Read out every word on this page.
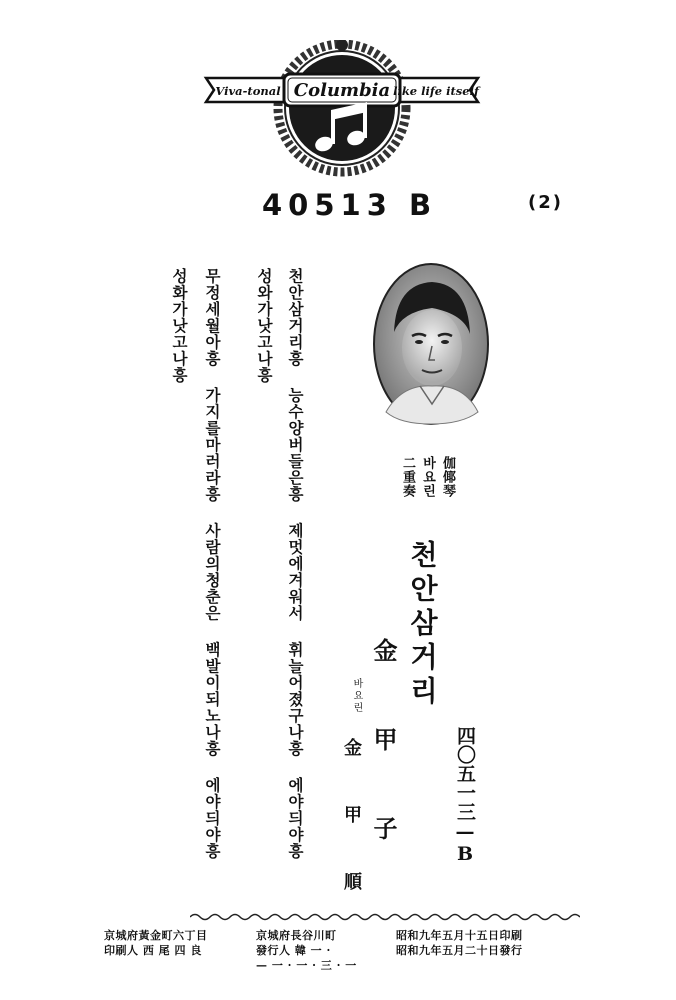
Columbia
Viva-tonal	like life itself
40513 B	(2)
伽倻琴
바요린
二重奏
四〇五一三—B
천안삼거리
金 甲 子
바요린
金 甲 順
천안삼거리흥 능수양버들은흥 제멋에겨워서 휘늘어졌구나흥 에야듸야흥
성와가낫고나흥
무정세월아흥 가지를마러라흥 사람의청춘은 백발이되노나흥 에야듸야흥
성화가낫고나흥
昭和九年五月十五日印刷
昭和九年五月二十日發行
京城府長谷川町
發行人 韓 一 ·
— 一 · 一 · 三 · 一
京城府黃金町六丁目
印刷人 西 尾 四 良
